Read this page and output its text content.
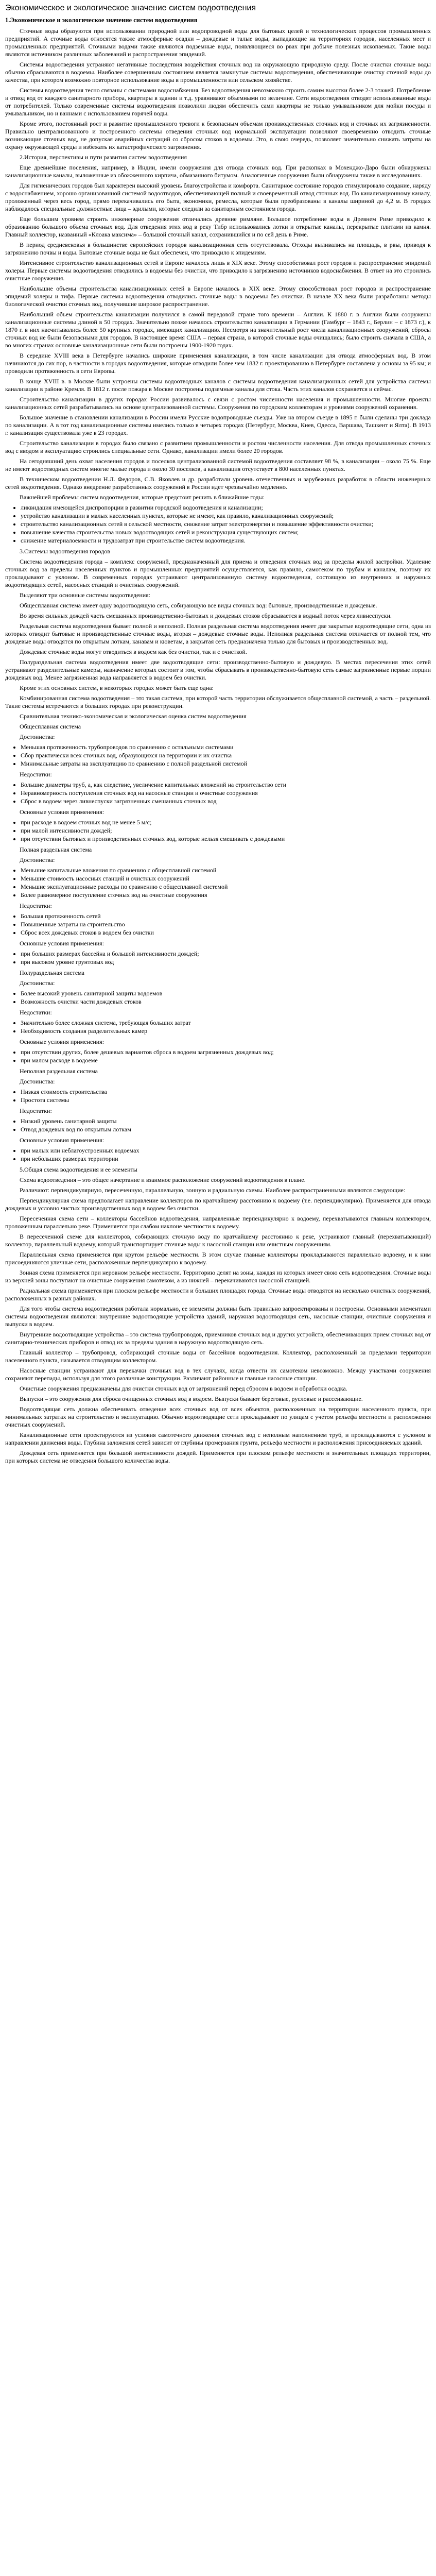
Экономическое и экологическое значение систем водоотведения
1.Экономическое и экологическое значение систем водоотведения

Сточные воды образуются при использовании природной или водопроводной воды для бытовых целей и технологических процессов промышленных предприятий. А сточные воды относятся также атмосферные осадки – дождевые и талые воды, выпадающие на территориях городов, населенных мест и промышленных предприятий. Сточными водами также являются подземные воды, появляющиеся во рвах при добыче полезных ископаемых. Такие воды являются источником различных заболеваний и распространения эпидемий.

Системы водоотведения устраняют негативные последствия воздействия сточных вод на окружающую природную среду. После очистки сточные воды обычно сбрасываются в водоемы. Наиболее совершенным состоянием является замкнутые системы водоотведения, обеспечивающие очистку сточной воды до качества, при котором возможно повторное использование воды в промышленности или сельском хозяйстве.

Системы водоотведения тесно связаны с системами водоснабжения. Без водоотведения невозможно строить самим высотки более 2-3 этажей. Потребление и отвод вод от каждого санитарного прибора, квартиры в здании и т.д. уравнивают объемными по величине. Сети водоотведения отводят использованные воды от потребителей. Только современные системы водоотведения позволили людям обеспечить сами квартиры не только умывальником для мойки посуды и умывальником, но и ваннами с использованием горячей воды.

Кроме этого, постоянный рост и развитие промышленного тревоги к безопасным объемам производственных сточных вод и сточных их загрязненности. Правильно централизованного и построенного системы отведения сточных вод нормальной эксплуатации позволяют своевременно отводить сточные возникающие сточных вод, не допуская аварийных ситуаций со сбросом стоков в водоемы. Это, в свою очередь, позволяет значительно снижать затраты на охрану окружающей среды и избежать их катастрофического загрязнения.

2.История, перспективы и пути развития систем водоотведения

Еще древнейшие поселения, например, в Индии, имели сооружения для отвода сточных вод. При раскопках в Мохенджо-Даро были обнаружены канализационные каналы, выложенные из обожженного кирпича, обмазанного битумом. Аналогичные сооружения были обнаружены также в исследованиях.

Для гигиенических городов был характерен высокий уровень благоустройства и комфорта. Санитарное состояние городов стимулировало создание, наряду с водоснабжением, хорошо организованной системой водоотводов, обеспечивающей полный и своевременный отвод сточных вод. По канализационному каналу, проложенный через весь город, прямо перекачивались его быта, экономики, ремесла, которые были преобразованы в каналы шириной до 4,2 м. В городах наблюдалось специальные должностные лица – эдилыми, которые следили за санитарным состоянием города.

Еще большим уровнем строить инженерные сооружения отличались древние римляне. Большое потребление воды в Древнем Риме приводило к образованию большого объема сточных вод. Для отведения этих вод в реку Тибр использовались лотки и открытые каналы, перекрытые плитами из камня. Главный коллектор, названный «Клоака максима» – большой сточный канал, сохранившийся и по сей день в Риме.

В период средневековья в большинстве европейских городов канализационная сеть отсутствовала. Отходы выливались на площадь, в рвы, приводя к загрязнению почвы и воды. Бытовые сточные воды не был обеспечен, что приводило к эпидемиям.

Интенсивное строительство канализационных сетей в Европе началось лишь в XIX веке. Этому способствовал рост городов и распространение эпидемий холеры. Первые системы водоотведения отводились в водоемы без очистки, что приводило к загрязнению источников водоснабжения. В ответ на это строились очистные сооружения.

Наибольшие объемы строительства канализационных сетей в Европе началось в XIX веке. Этому способствовал рост городов и распространение эпидемий холеры и тифа. Первые системы водоотведения отводились сточные воды в водоемы без очистки. В начале XX века были разработаны методы биологической очистки сточных вод, получившие широкое распространение.

Наибольший объем строительства канализации получился в самой передовой стране того времени – Англии. К 1880 г. в Англии были сооружены канализационные системы длиной в 50 городах. Значительно позже началось строительство канализации в Германии (Гамбург – 1843 г., Берлин – с 1873 г.), к 1870 г. в них насчитывались более 50 крупных городах, имеющих канализацию. Несмотря на значительный рост числа канализационных сооружений, сбросы сточных вод не были безопасными для городов. В настоящее время США – первая страна, в которой сточные воды очищались; было строить сначала в США, а во многих странах основные канализационные сети были построены 1900-1920 годах.

В середине XVIII века в Петербурге начались широкие применения канализации, в том числе канализации для отвода атмосферных вод. В этом начинаются до сих пор, в частности в городах водоотведения, которые отводили более чем 1832 г. проектированию в Петербурге составлена у основы за 95 км; и проводили протяженность в сети Европы.

В конце XVIII в. в Москве были устроены системы водоотводных каналов с системы водоотведения канализационных сетей для устройства системы канализации в районе Кремля. В 1812 г. после пожара в Москве построены подземные каналы для стока. Часть этих каналов сохраняется и сейчас.

Строительство канализации в других городах России развивалось с связи с ростом численности населения и промышленности. Многие проекты канализационных сетей разрабатывались на основе централизованной системы. Сооружения по городским коллекторам и уровнями сооружений охранения.

Большое значение в становлении канализации в России имели Русские водопроводные съезды. Уже на втором съезде в 1895 г. были сделаны три доклада по канализации. А в тот год канализационные системы имелись только в четырех городах (Петербург, Москва, Киев, Одесса, Варшава, Ташкент и Ялта). В 1913 г. канализация существовала уже в 23 городах.

Строительство канализации в городах было связано с развитием промышленности и ростом численности населения. Для отвода промышленных сточных вод с вводом в эксплуатацию строились специальные сети. Однако, канализации имели более 20 городов.

На сегодняшний день охват населения городов и поселков централизованной системой водоотведения составляет 98 %, в канализации – около 75 %. Еще не имеют водоотводных систем многие малые города и около 30 поселков, а канализация отсутствует в 800 населенных пунктах.

В техническом водоотведении Н.Л. Федоров, С.В. Яковлев и др. разработали уровень отечественных и зарубежных разработок в области инженерных сетей водоотведения. Однако внедрение разработанных сооружений в России идет чрезвычайно медленно.

Важнейшей проблемы систем водоотведения, которые предстоит решить в ближайшие годы:

• ликвидация имеющейся диспропорции в развитии городской водоотведения и канализации;
• устройство канализации в малых населенных пунктах, которые не имеют, как правило, канализационных сооружений;
• строительство канализационных сетей в сельской местности, снижение затрат электроэнергии и повышение эффективности очистки;
• повышение качества строительства новых водоотводящих сетей и реконструкция существующих систем;
• снижение материалоемкости и трудозатрат при строительстве систем водоотведения.

3.Системы водоотведения городов

Система водоотведения города – комплекс сооружений, предназначенный для приема и отведения сточных вод за пределы жилой застройки. Удаление сточных вод за пределы населенных пунктов и промышленных предприятий осуществляется, как правило, самотеком по трубам и каналам, поэтому их прокладывают с уклоном. В современных городах устраивают централизованную систему водоотведения, состоящую из внутренних и наружных водоотводящих сетей, насосных станций и очистных сооружений.

Выделяют три основные системы водоотведения:

Общесплавная система имеет одну водоотводящую сеть, собирающую все виды сточных вод: бытовые, производственные и дождевые.

Во время сильных дождей часть смешанных производственно-бытовых и дождевых стоков сбрасывается в водный поток через ливнеспуски.

Раздельная система водоотведения бывает полной и неполной. Полная раздельная система водоотведения имеет две закрытые водоотводящие сети, одна из которых отводит бытовые и производственные сточные воды, вторая – дождевые сточные воды. Неполная раздельная система отличается от полной тем, что дождевые воды отводятся по открытым лоткам, канавам и кюветам, а закрытая сеть предназначена только для бытовых и производственных вод.

Дождевые сточные воды могут отводиться в водоем как без очистки, так и с очисткой.

Полураздельная система водоотведения имеет две водоотводящие сети: производственно-бытовую и дождевую. В местах пересечения этих сетей устраивают разделительные камеры, назначение которых состоит в том, чтобы сбрасывать в производственно-бытовую сеть самые загрязненные первые порции дождевых вод. Менее загрязненная вода направляется в водоем без очистки.

Кроме этих основных систем, в некоторых городах может быть еще одна:

Комбинированная система водоотведения – это такая система, при которой часть территории обслуживается общесплавной системой, а часть – раздельной. Такие системы встречаются в больших городах при реконструкции.

Сравнительная технико-экономическая и экологическая оценка систем водоотведения

Общесплавная система

Достоинства:

• Меньшая протяженность трубопроводов по сравнению с остальными системами
• Сбор практически всех сточных вод, образующихся на территории и их очистка
• Минимальные затраты на эксплуатацию по сравнению с полной раздельной системой

Недостатки:

• Большие диаметры труб, а, как следствие, увеличение капитальных вложений на строительство сети
• Неравномерность поступления сточных вод на насосные станции и очистные сооружения
• Сброс в водоем через ливнеспуски загрязненных смешанных сточных вод

Основные условия применения:

• при расходе в водоем сточных вод не менее 5 м/с;
• при малой интенсивности дождей;
• при отсутствии бытовых и производственных сточных вод, которые нельзя смешивать с дождевыми

Полная раздельная система

Достоинства:

• Меньшие капитальные вложения по сравнению с общесплавной системой
• Меньшие стоимость насосных станций и очистных сооружений
• Меньшие эксплуатационные расходы по сравнению с общесплавной системой
• Более равномерное поступление сточных вод на очистные сооружения

Недостатки:

• Большая протяженность сетей
• Повышенные затраты на строительство
• Сброс всех дождевых стоков в водоем без очистки

Основные условия применения:

• при больших размерах бассейна и большой интенсивности дождей;
• при высоком уровне грунтовых вод

Полураздельная система

Достоинства:

• Более высокий уровень санитарной защиты водоемов
• Возможность очистки части дождевых стоков

Недостатки:

• Значительно более сложная система, требующая больших затрат
• Необходимость создания разделительных камер

Основные условия применения:

• при отсутствии других, более дешевых вариантов сброса в водоем загрязненных дождевых вод;
• при малом расходе в водоеме

Неполная раздельная система

Достоинства:

• Низкая стоимость строительства
• Простота системы

Недостатки:

• Низкий уровень санитарной защиты
• Отвод дождевых вод по открытым лоткам

Основные условия применения:

• при малых или неблагоустроенных водоемах
• при небольших размерах территории

5.Общая схема водоотведения и ее элементы

Схема водоотведения – это общее начертание и взаимное расположение сооружений водоотведения в плане.

Различают: перпендикулярную, пересеченную, параллельную, зонную и радиальную схемы. Наиболее распространенными являются следующие:

Перпендикулярная схема предполагает направление коллекторов по кратчайшему расстоянию к водоему (т.е. перпендикулярно). Применяется для отвода дождевых и условно чистых производственных вод в водоем без очистки.

Пересеченная схема сети – коллекторы бассейнов водоотведения, направленные перпендикулярно к водоему, перехватываются главным коллектором, проложенным параллельно реке. Применяется при слабом наклоне местности к водоему.

В пересеченной схеме для коллекторов, собирающих сточную воду по кратчайшему расстоянию к реке, устраивают главный (перехватывающий) коллектор, параллельный водоему, который транспортирует сточные воды к насосной станции или очистным сооружениям.

Параллельная схема применяется при крутом рельефе местности. В этом случае главные коллекторы прокладываются параллельно водоему, и к ним присоединяются уличные сети, расположенные перпендикулярно к водоему.

Зонная схема применяется при неровном рельефе местности. Территорию делят на зоны, каждая из которых имеет свою сеть водоотведения. Сточные воды из верхней зоны поступают на очистные сооружения самотеком, а из нижней – перекачиваются насосной станцией.

Радиальная схема применяется при плоском рельефе местности и больших площадях города. Сточные воды отводятся на несколько очистных сооружений, расположенных в разных районах.

Для того чтобы система водоотведения работала нормально, ее элементы должны быть правильно запроектированы и построены. Основными элементами системы водоотведения являются: внутренние водоотводящие устройства зданий, наружная водоотводящая сеть, насосные станции, очистные сооружения и выпуски в водоем.

Внутренние водоотводящие устройства – это система трубопроводов, приемников сточных вод и других устройств, обеспечивающих прием сточных вод от санитарно-технических приборов и отвод их за пределы здания в наружную водоотводящую сеть.

Главный коллектор – трубопровод, собирающий сточные воды от бассейнов водоотведения. Коллектор, расположенный за пределами территории населенного пункта, называется отводящим коллектором.

Насосные станции устраивают для перекачки сточных вод в тех случаях, когда отвести их самотеком невозможно. Между участками сооружения сохраняют перепады, используя для этого различные конструкции. Различают районные и главные насосные станции.

Очистные сооружения предназначены для очистки сточных вод от загрязнений перед сбросом в водоем и обработки осадка.

Выпуски – это сооружения для сброса очищенных сточных вод в водоем. Выпуски бывают береговые, русловые и рассеивающие.

Водоотводящая сеть должна обеспечивать отведение всех сточных вод от всех объектов, расположенных на территории населенного пункта, при минимальных затратах на строительство и эксплуатацию. Обычно водоотводящие сети прокладывают по улицам с учетом рельефа местности и расположения очистных сооружений.

Канализационные сети проектируются из условия самотечного движения сточных вод с неполным наполнением труб, и прокладываются с уклоном в направлении движения воды. Глубина заложения сетей зависит от глубины промерзания грунта, рельефа местности и расположения присоединяемых зданий.

Дождевая сеть применяется при большой интенсивности дождей. Применяется при плоском рельефе местности и значительных площадях территории, при которых система не отведения большого количества воды.
